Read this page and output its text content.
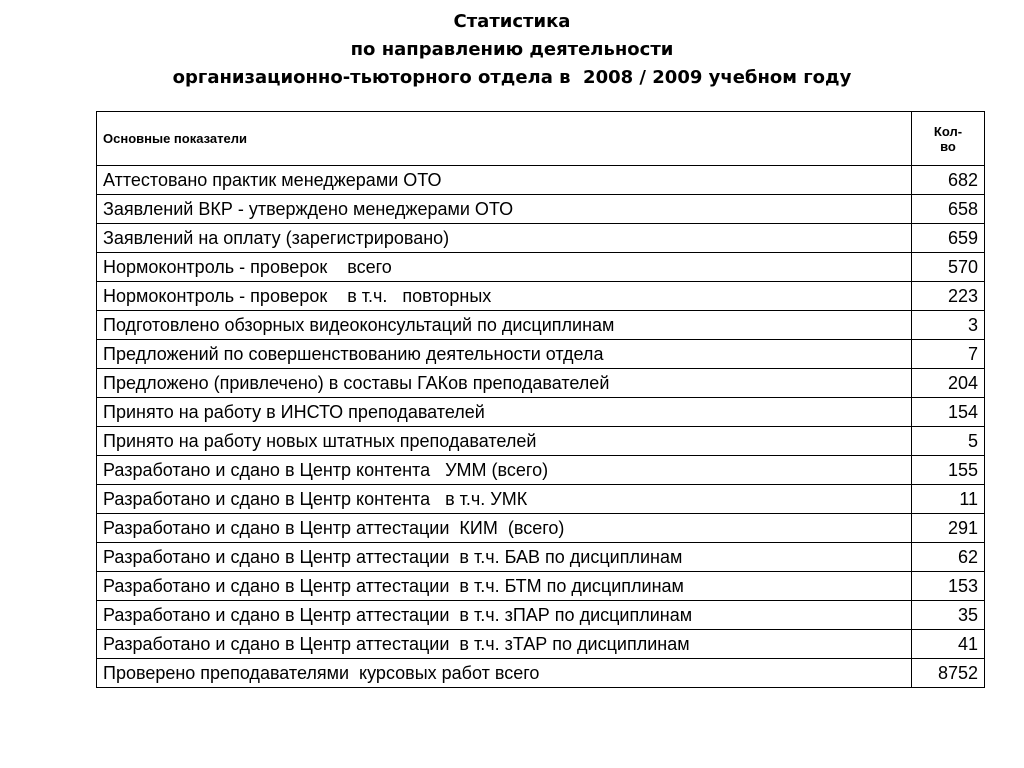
Статистика
по направлению деятельности
организационно-тьюторного отдела в  2008 / 2009 учебном году
Основные показатели	Кол-
во
Аттестовано практик менеджерами ОТО	682
Заявлений ВКР - утверждено менеджерами ОТО	658
Заявлений на оплату (зарегистрировано)	659
Нормоконтроль - проверок    всего	570
Нормоконтроль - проверок    в т.ч.   повторных	223
Подготовлено обзорных видеоконсультаций по дисциплинам	3
Предложений по совершенствованию деятельности отдела	7
Предложено (привлечено) в составы ГАКов преподавателей	204
Принято на работу в ИНСТО преподавателей	154
Принято на работу новых штатных преподавателей	5
Разработано и сдано в Центр контента   УММ (всего)	155
Разработано и сдано в Центр контента   в т.ч. УМК	11
Разработано и сдано в Центр аттестации  КИМ  (всего)	291
Разработано и сдано в Центр аттестации  в т.ч. БАВ по дисциплинам	62
Разработано и сдано в Центр аттестации  в т.ч. БТМ по дисциплинам	153
Разработано и сдано в Центр аттестации  в т.ч. зПАР по дисциплинам	35
Разработано и сдано в Центр аттестации  в т.ч. зТАР по дисциплинам	41
Проверено преподавателями  курсовых работ всего	8752
